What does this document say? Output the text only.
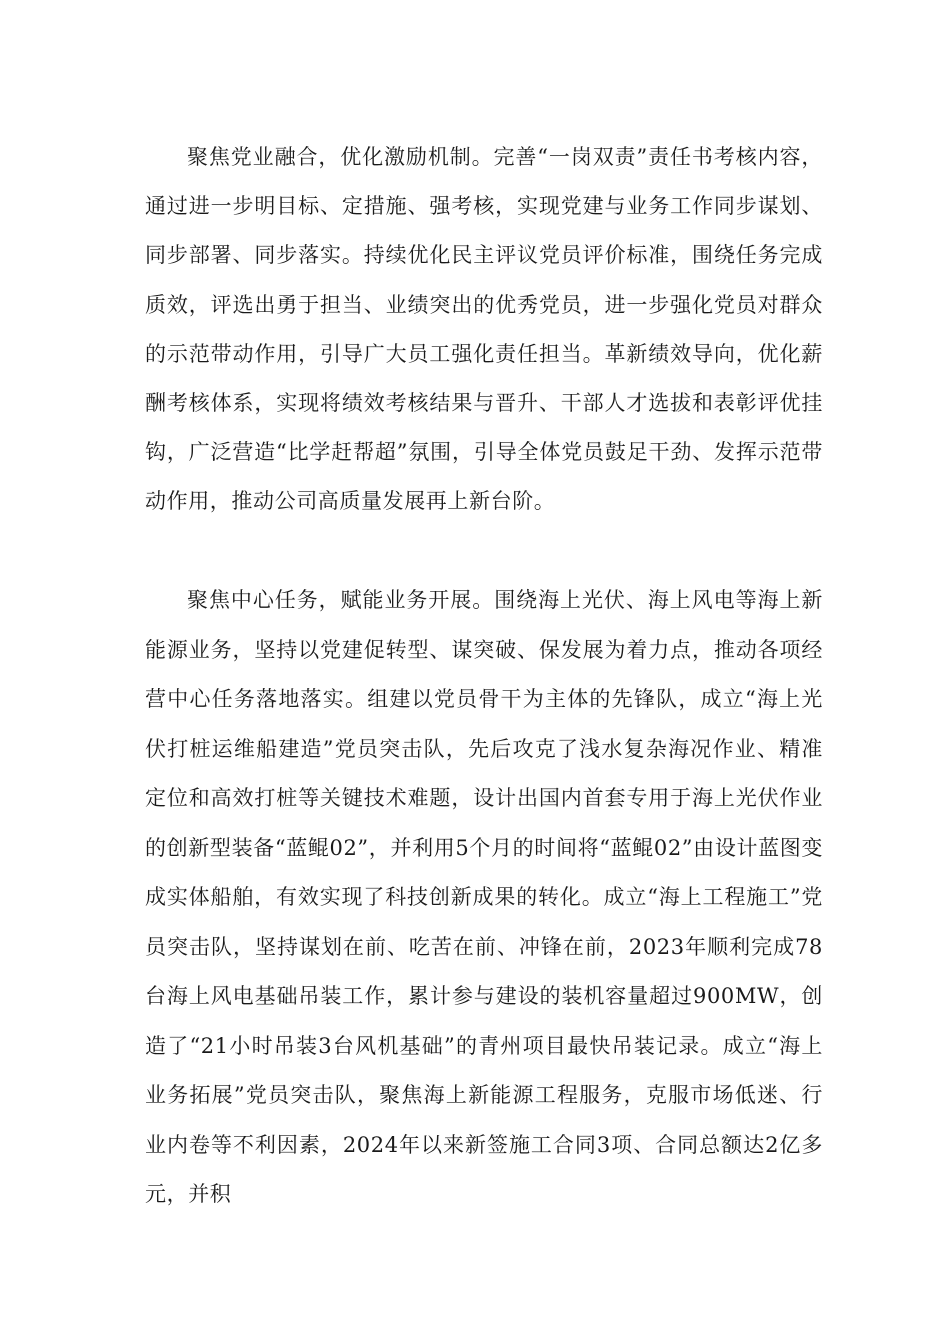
聚焦党业融合，优化激励机制。完善“一岗双责”责任书考核内容，通过进一步明目标、定措施、强考核，实现党建与业务工作同步谋划、同步部署、同步落实。持续优化民主评议党员评价标准，围绕任务完成质效，评选出勇于担当、业绩突出的优秀党员，进一步强化党员对群众的示范带动作用，引导广大员工强化责任担当。革新绩效导向，优化薪酬考核体系，实现将绩效考核结果与晋升、干部人才选拔和表彰评优挂钩，广泛营造“比学赶帮超”氛围，引导全体党员鼓足干劲、发挥示范带动作用，推动公司高质量发展再上新台阶。

聚焦中心任务，赋能业务开展。围绕海上光伏、海上风电等海上新能源业务，坚持以党建促转型、谋突破、保发展为着力点，推动各项经营中心任务落地落实。组建以党员骨干为主体的先锋队，成立“海上光伏打桩运维船建造”党员突击队，先后攻克了浅水复杂海况作业、精准定位和高效打桩等关键技术难题，设计出国内首套专用于海上光伏作业的创新型装备“蓝鲲02”，并利用5个月的时间将“蓝鲲02”由设计蓝图变成实体船舶，有效实现了科技创新成果的转化。成立“海上工程施工”党员突击队，坚持谋划在前、吃苦在前、冲锋在前，2023年顺利完成78台海上风电基础吊装工作，累计参与建设的装机容量超过900MW，创造了“21小时吊装3台风机基础”的青州项目最快吊装记录。成立“海上业务拓展”党员突击队，聚焦海上新能源工程服务，克服市场低迷、行业内卷等不利因素，2024年以来新签施工合同3项、合同总额达2亿多元，并积
